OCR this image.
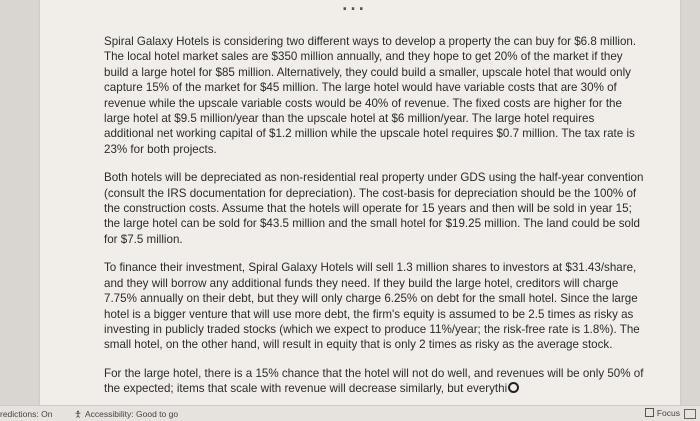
…

Spiral Galaxy Hotels is considering two different ways to develop a property the can buy for $6.8 million. The local hotel market sales are $350 million annually, and they hope to get 20% of the market if they build a large hotel for $85 million. Alternatively, they could build a smaller, upscale hotel that would only capture 15% of the market for $45 million. The large hotel would have variable costs that are 30% of revenue while the upscale variable costs would be 40% of revenue. The fixed costs are higher for the large hotel at $9.5 million/year than the upscale hotel at $6 million/year. The large hotel requires additional net working capital of $1.2 million while the upscale hotel requires $0.7 million. The tax rate is 23% for both projects.

Both hotels will be depreciated as non-residential real property under GDS using the half-year convention (consult the IRS documentation for depreciation). The cost-basis for depreciation should be the 100% of the construction costs. Assume that the hotels will operate for 15 years and then will be sold in year 15; the large hotel can be sold for $43.5 million and the small hotel for $19.25 million. The land could be sold for $7.5 million.

To finance their investment, Spiral Galaxy Hotels will sell 1.3 million shares to investors at $31.43/share, and they will borrow any additional funds they need. If they build the large hotel, creditors will charge 7.75% annually on their debt, but they will only charge 6.25% on debt for the small hotel. Since the large hotel is a bigger venture that will use more debt, the firm's equity is assumed to be 2.5 times as risky as investing in publicly traded stocks (which we expect to produce 11%/year; the risk-free rate is 1.8%). The small hotel, on the other hand, will result in equity that is only 2 times as risky as the average stock.

For the large hotel, there is a 15% chance that the hotel will not do well, and revenues will be only 50% of the expected; items that scale with revenue will decrease similarly, but everythi

redictions: On	Accessibility: Good to go	Focus
